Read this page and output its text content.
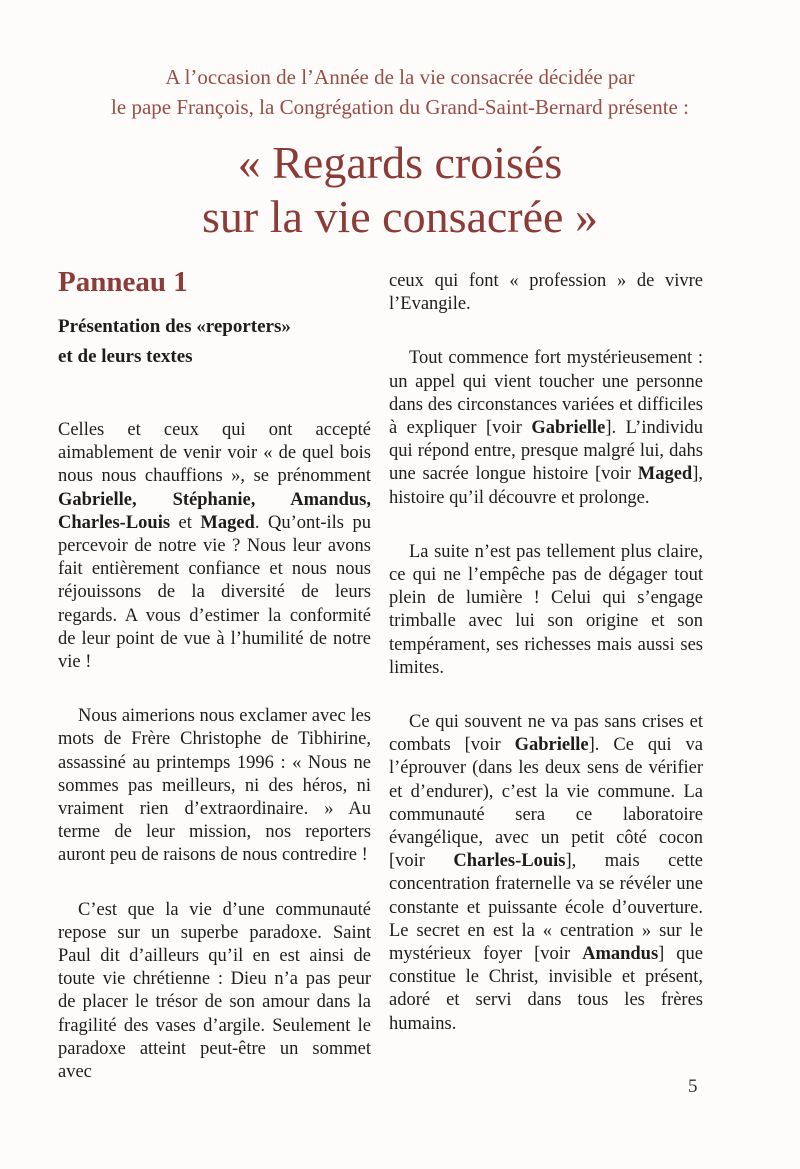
A l’occasion de l’Année de la vie consacrée décidée par
le pape François, la Congrégation du Grand-Saint-Bernard présente :
« Regards croisés
sur la vie consacrée »
Panneau 1
Présentation des «reporters»
et de leurs textes

Celles et ceux qui ont accepté aimablement de venir voir « de quel bois nous nous chauffions », se prénomment Gabrielle, Stéphanie, Amandus, Charles-Louis et Maged. Qu’ont-ils pu percevoir de notre vie ? Nous leur avons fait entièrement confiance et nous nous réjouissons de la diversité de leurs regards. A vous d’estimer la conformité de leur point de vue à l’humilité de notre vie !

Nous aimerions nous exclamer avec les mots de Frère Christophe de Tibhirine, assassiné au printemps 1996 : « Nous ne sommes pas meilleurs, ni des héros, ni vraiment rien d’extraordinaire. » Au terme de leur mission, nos reporters auront peu de raisons de nous contredire !

C’est que la vie d’une communauté repose sur un superbe paradoxe. Saint Paul dit d’ailleurs qu’il en est ainsi de toute vie chrétienne : Dieu n’a pas peur de placer le trésor de son amour dans la fragilité des vases d’argile. Seulement le paradoxe atteint peut-être un sommet avec

ceux qui font « profession » de vivre l’Evangile.

Tout commence fort mystérieusement : un appel qui vient toucher une personne dans des circonstances variées et difficiles à expliquer [voir Gabrielle]. L’individu qui répond entre, presque malgré lui, dahs une sacrée longue histoire [voir Maged], histoire qu’il découvre et prolonge.

La suite n’est pas tellement plus claire, ce qui ne l’empêche pas de dégager tout plein de lumière ! Celui qui s’engage trimballe avec lui son origine et son tempérament, ses richesses mais aussi ses limites.

Ce qui souvent ne va pas sans crises et combats [voir Gabrielle]. Ce qui va l’éprouver (dans les deux sens de vérifier et d’endurer), c’est la vie commune. La communauté sera ce laboratoire évangélique, avec un petit côté cocon [voir Charles-Louis], mais cette concentration fraternelle va se révéler une constante et puissante école d’ouverture. Le secret en est la « centration » sur le mystérieux foyer [voir Amandus] que constitue le Christ, invisible et présent, adoré et servi dans tous les frères humains.

5
